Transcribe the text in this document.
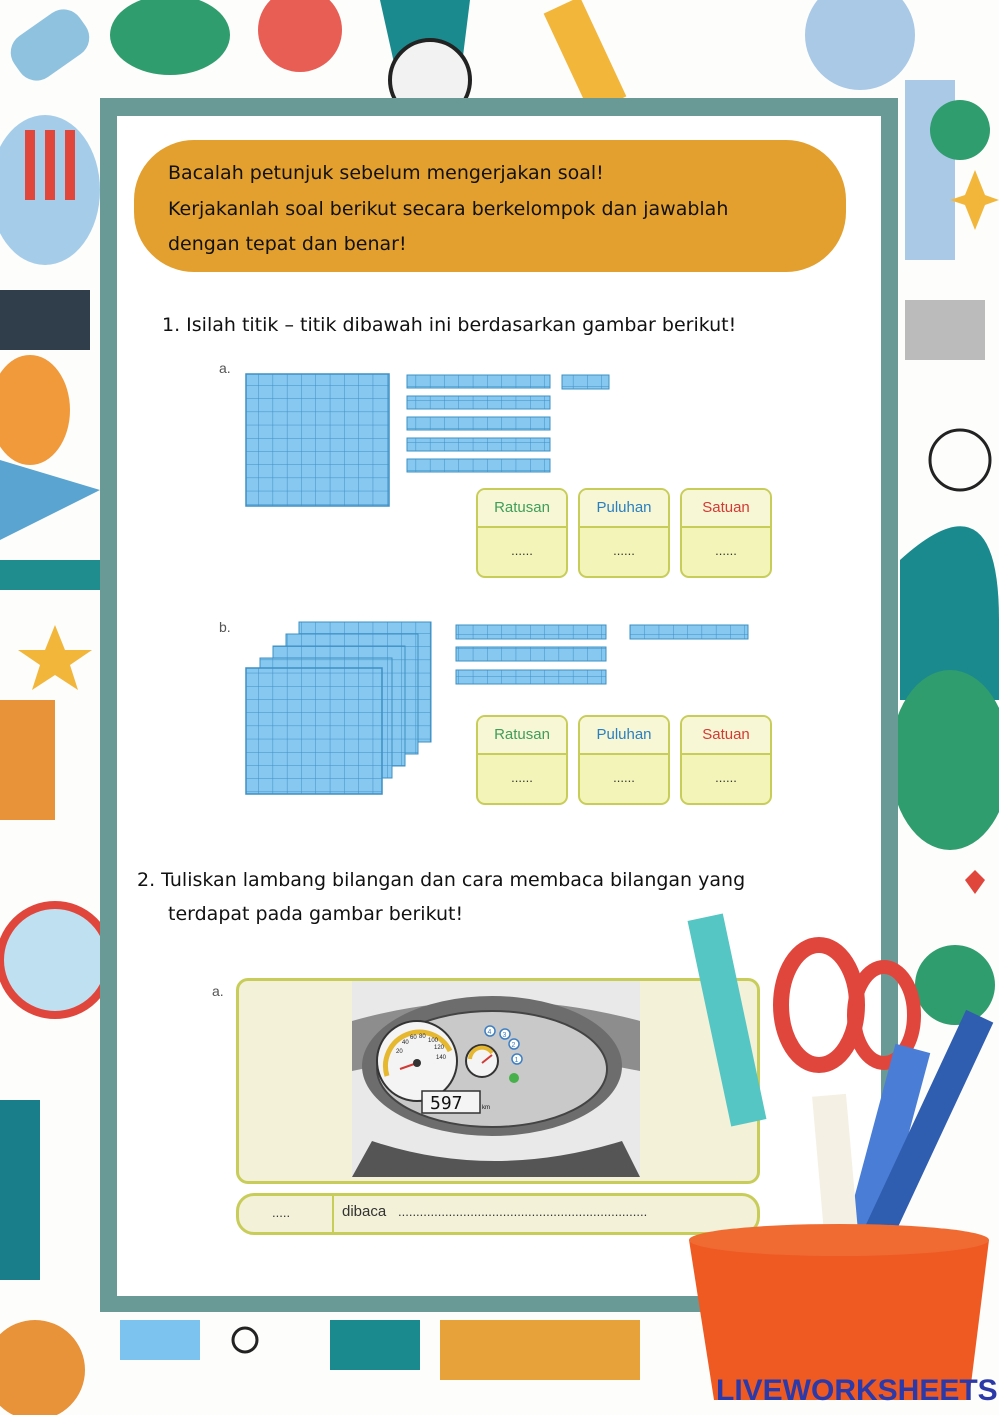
Bacalah petunjuk sebelum mengerjakan soal!
Kerjakanlah soal berikut secara berkelompok dan jawablah
dengan tepat dan benar!
1. Isilah titik – titik dibawah ini berdasarkan gambar berikut!
a.
Ratusan
......
Puluhan
......
Satuan
......
b.
Ratusan
......
Puluhan
......
Satuan
......
2. Tuliskan lambang bilangan dan cara membaca bilangan yang
terdapat pada gambar berikut!
a.
20
40
60 80
100
120
140
4 3
2
1
597	km
.....	dibaca .....................................................................
LIVEWORKSHEETS
